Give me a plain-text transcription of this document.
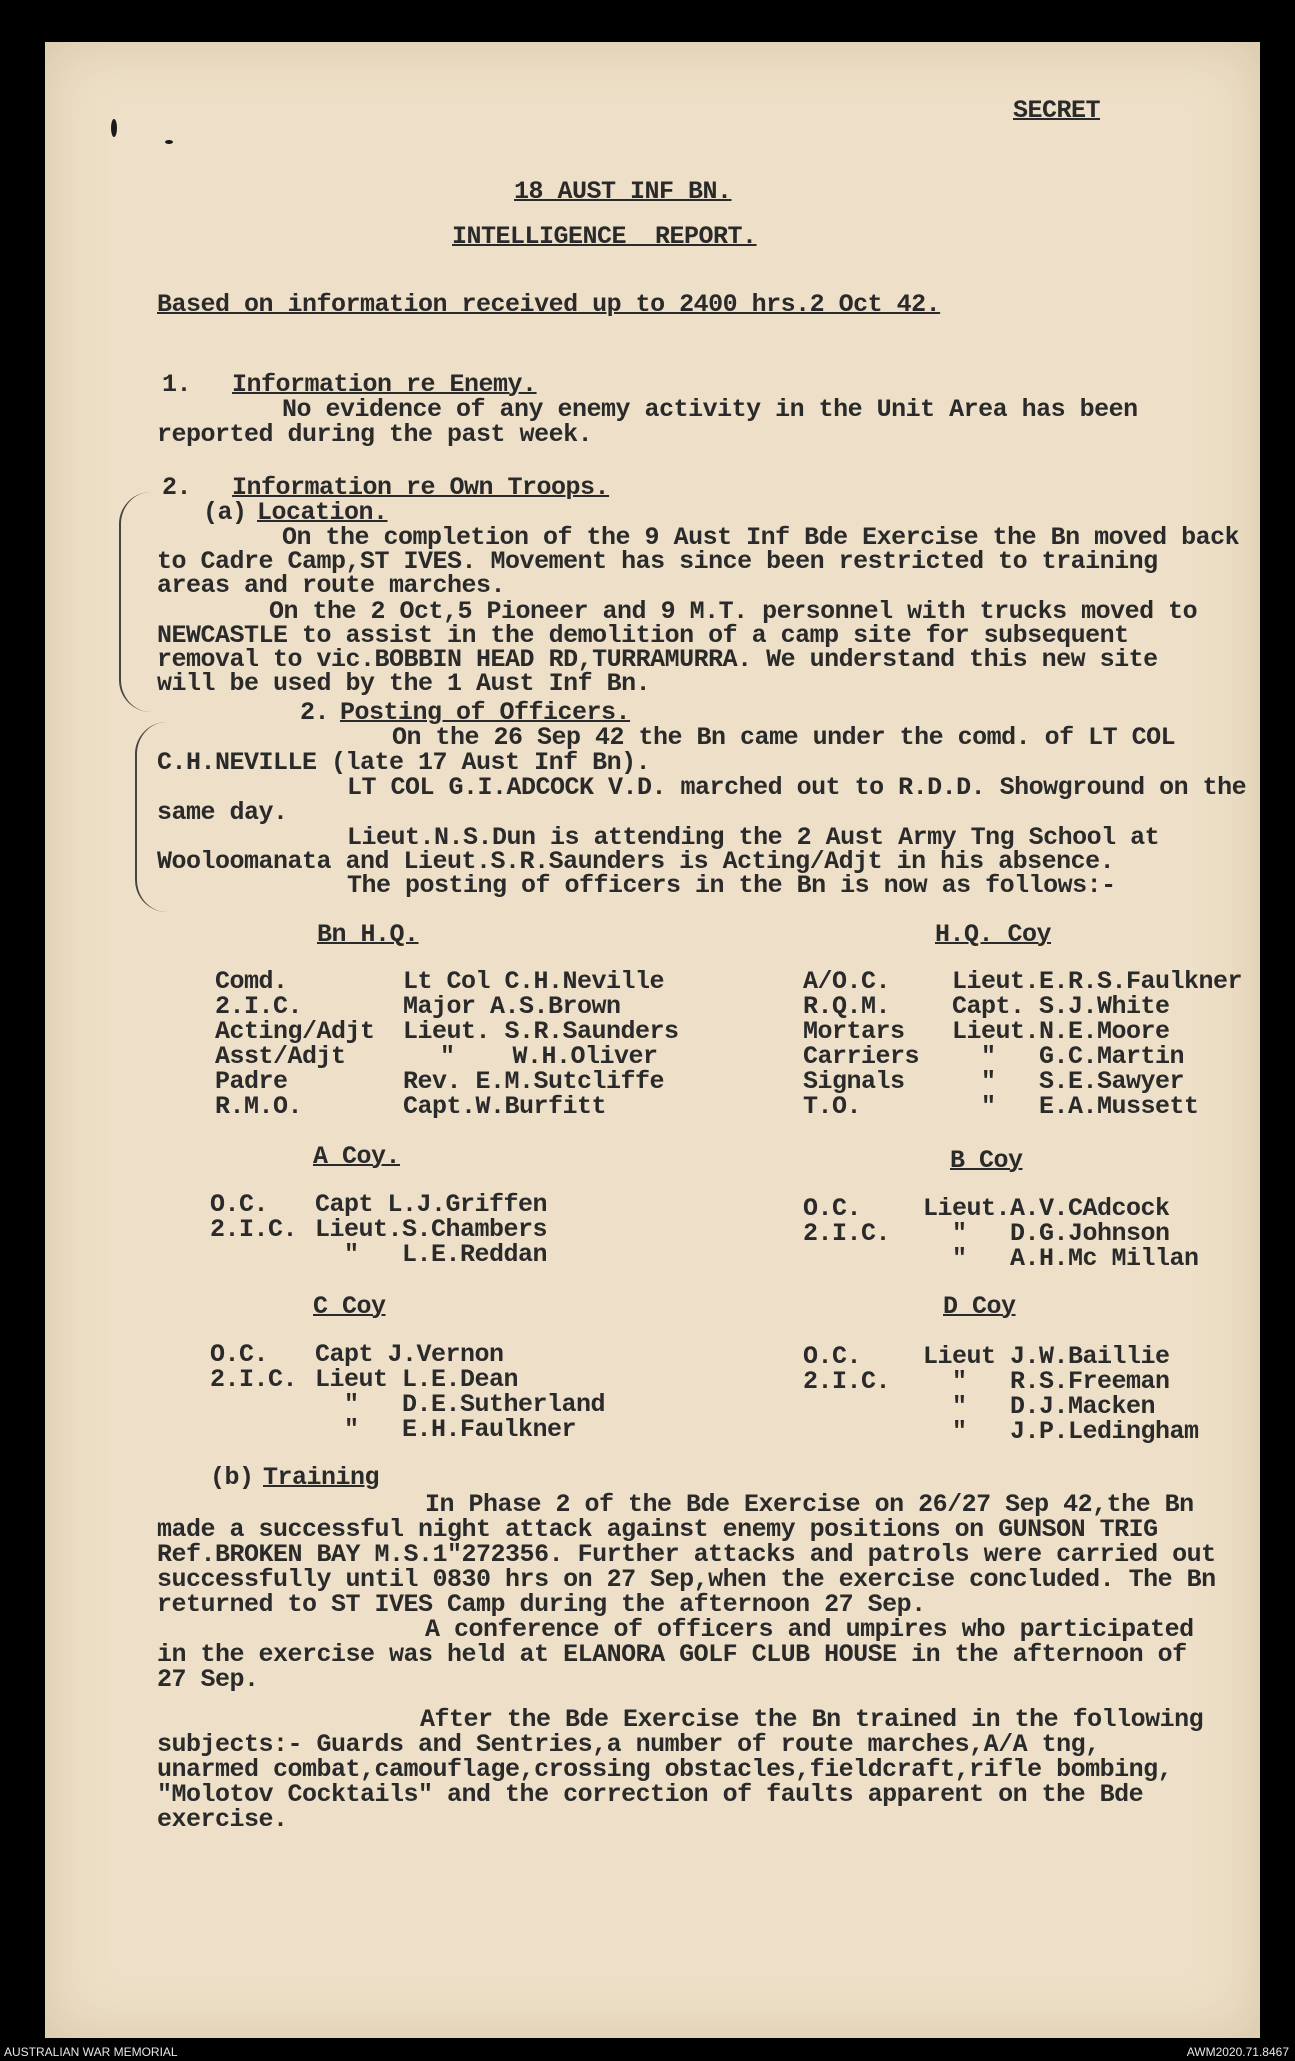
SECRET
18 AUST INF BN.
INTELLIGENCE  REPORT.
Based on information received up to 2400 hrs.2 Oct 42.
1. Information re Enemy.
No evidence of any enemy activity in the Unit Area has been
reported during the past week.
2. Information re Own Troops.
(a) Location.
On the completion of the 9 Aust Inf Bde Exercise the Bn moved back
to Cadre Camp,ST IVES. Movement has since been restricted to training
areas and route marches.
On the 2 Oct,5 Pioneer and 9 M.T. personnel with trucks moved to
NEWCASTLE to assist in the demolition of a camp site for subsequent
removal to vic.BOBBIN HEAD RD,TURRAMURRA. We understand this new site
will be used by the 1 Aust Inf Bn.
2. Posting of Officers.
On the 26 Sep 42 the Bn came under the comd. of LT COL
C.H.NEVILLE (late 17 Aust Inf Bn).
LT COL G.I.ADCOCK V.D. marched out to R.D.D. Showground on the
same day.
Lieut.N.S.Dun is attending the 2 Aust Army Tng School at
Wooloomanata and Lieut.S.R.Saunders is Acting/Adjt in his absence.
The posting of officers in the Bn is now as follows:-
Bn H.Q.
Comd.	Lt Col C.H.Neville
2.I.C.	Major A.S.Brown
Acting/Adjt Lieut. S.R.Saunders
Asst/Adjt	"    W.H.Oliver
Padre	Rev. E.M.Sutcliffe
R.M.O.	Capt.W.Burfitt
H.Q. Coy
A/O.C. Lieut.E.R.S.Faulkner
R.Q.M. Capt. S.J.White
Mortars Lieut.N.E.Moore
Carriers "   G.C.Martin
Signals "   S.E.Sawyer
T.O.	"   E.A.Mussett
A Coy.
O.C. Capt L.J.Griffen
2.I.C. Lieut.S.Chambers
"   L.E.Reddan
B Coy
O.C. Lieut.A.V.CAdcock
2.I.C. "   D.G.Johnson
"   A.H.Mc Millan
C Coy
O.C. Capt J.Vernon
2.I.C. Lieut L.E.Dean
"   D.E.Sutherland
"   E.H.Faulkner
D Coy
O.C. Lieut J.W.Baillie
2.I.C. "   R.S.Freeman
"   D.J.Macken
"   J.P.Ledingham
(b) Training
In Phase 2 of the Bde Exercise on 26/27 Sep 42,the Bn
made a successful night attack against enemy positions on GUNSON TRIG
Ref.BROKEN BAY M.S.1"272356. Further attacks and patrols were carried out
successfully until 0830 hrs on 27 Sep,when the exercise concluded. The Bn
returned to ST IVES Camp during the afternoon 27 Sep.
A conference of officers and umpires who participated
in the exercise was held at ELANORA GOLF CLUB HOUSE in the afternoon of
27 Sep.
After the Bde Exercise the Bn trained in the following
subjects:- Guards and Sentries,a number of route marches,A/A tng,
unarmed combat,camouflage,crossing obstacles,fieldcraft,rifle bombing,
"Molotov Cocktails" and the correction of faults apparent on the Bde
exercise.
AUSTRALIAN WAR MEMORIAL	AWM2020.71.8467
